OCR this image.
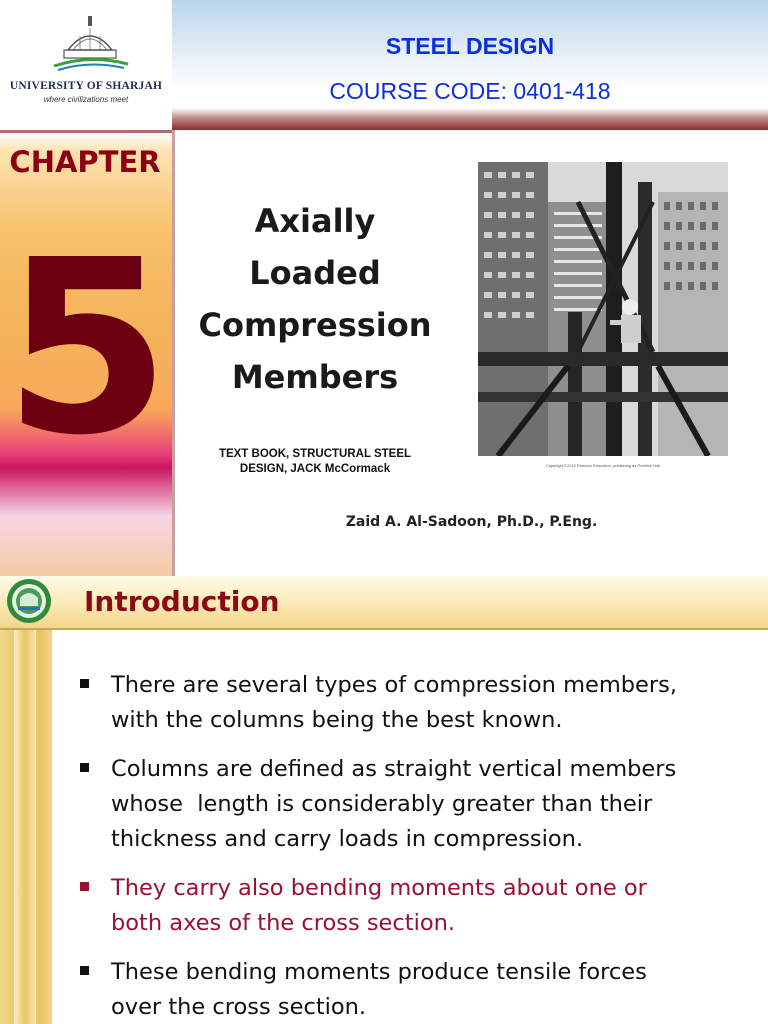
UNIVERSITY OF SHARJAH
where civilizations meet
STEEL DESIGN
COURSE CODE: 0401-418
CHAPTER
5	Axially
Loaded
Compression
Members
TEXT BOOK, STRUCTURAL STEEL
DESIGN, JACK McCormack	Copyright ©2012 Pearson Education, publishing as Prentice Hall
Zaid A. Al-Sadoon, Ph.D., P.Eng.
Introduction
There are several types of compression members,
with the columns being the best known.
Columns are defined as straight vertical members
whose  length is considerably greater than their
thickness and carry loads in compression.
They carry also bending moments about one or
both axes of the cross section.
These bending moments produce tensile forces
over the cross section.
